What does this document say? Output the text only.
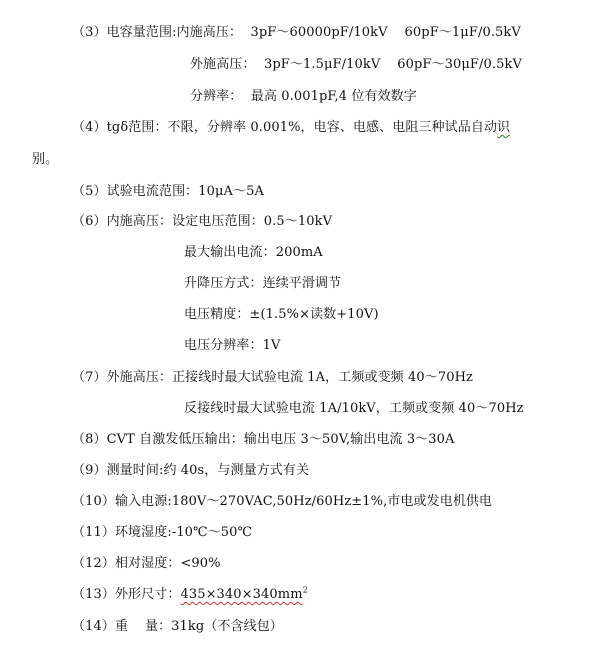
（3）电容量范围:内施高压：  3pF～60000pF/10kV    60pF～1μF/0.5kV
外施高压：  3pF～1.5μF/10kV    60pF～30μF/0.5kV
分辨率：  最高 0.001pF,4 位有效数字
（4）tgδ范围：不限，分辨率 0.001%，电容、电感、电阻三种试品自动识
别。
（5）试验电流范围：10μA～5A
（6）内施高压：设定电压范围：0.5～10kV
最大输出电流：200mA
升降压方式：连续平滑调节
电压精度：±(1.5%×读数+10V)
电压分辨率：1V
（7）外施高压：正接线时最大试验电流 1A，工频或变频 40～70Hz
反接线时最大试验电流 1A/10kV，工频或变频 40～70Hz
（8）CVT 自激发低压输出：输出电压 3～50V,输出电流 3～30A
（9）测量时间:约 40s，与测量方式有关
（10）输入电源:180V～270VAC,50Hz/60Hz±1%,市电或发电机供电
（11）环境湿度:-10℃～50℃
（12）相对湿度：<90%
（13）外形尺寸：$435\times 340\times 340mm^2$
（14）重    量：31kg（不含线包）
